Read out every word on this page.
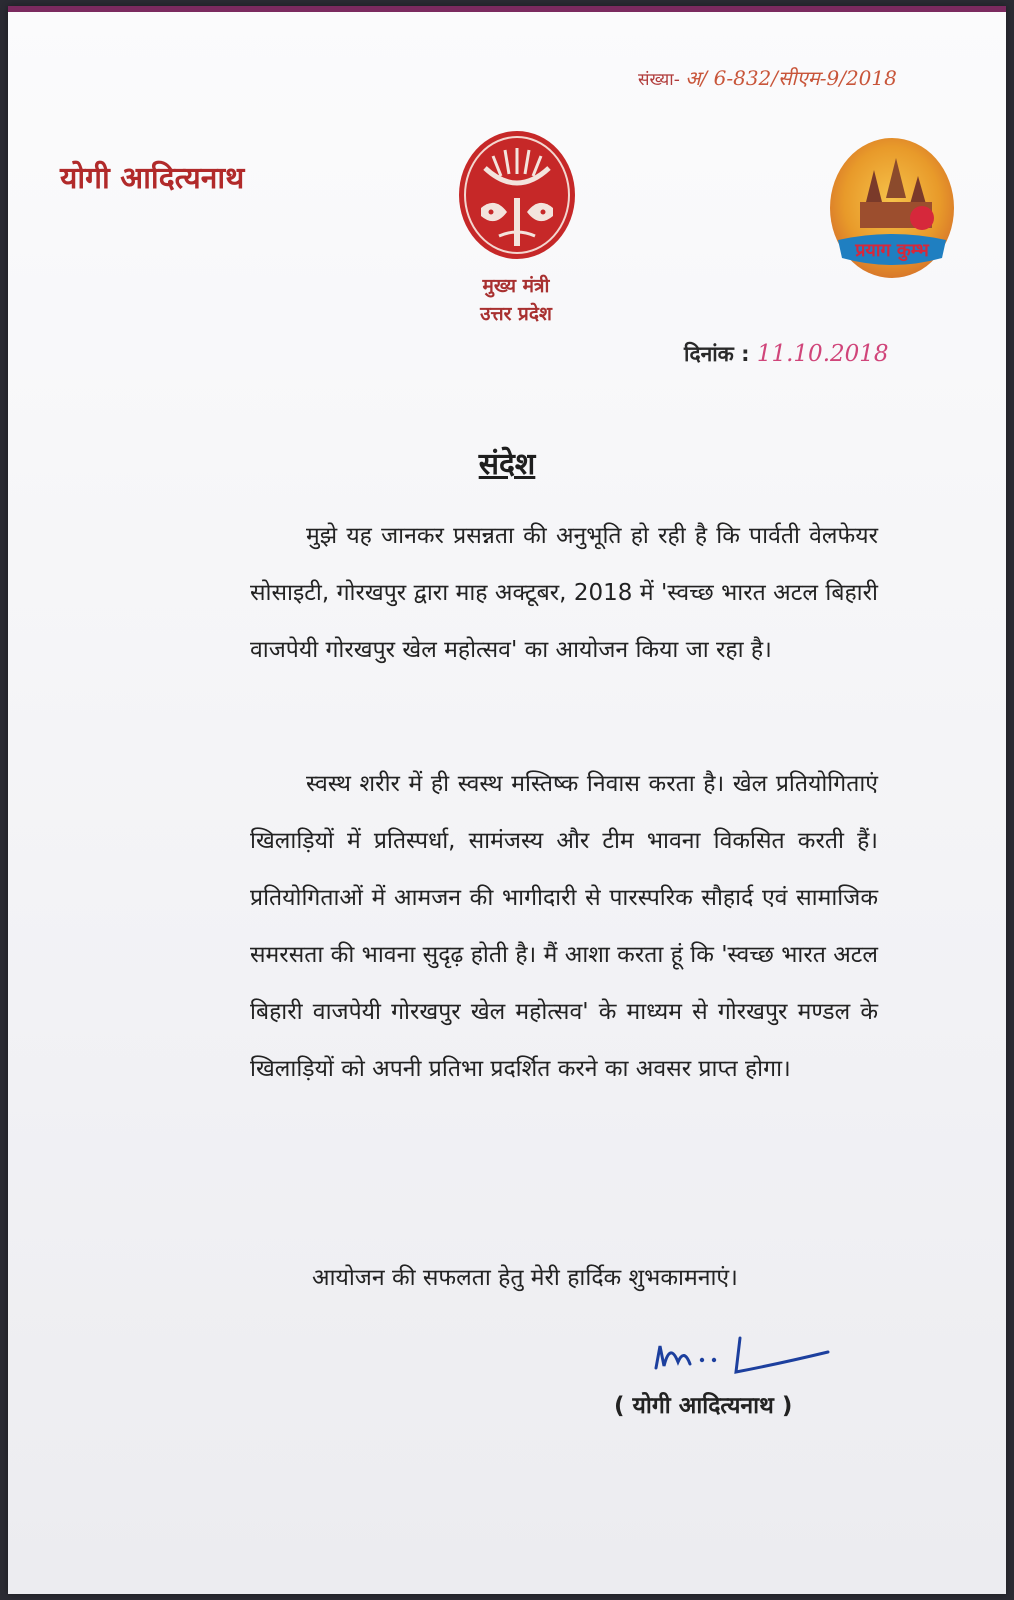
योगी आदित्यनाथ
संख्या- अ/ 6-832/सीएम-9/2018
मुख्य मंत्री
उत्तर प्रदेश
प्रयाग कुम्भ
दिनांक : 11.10.2018
संदेश
मुझे यह जानकर प्रसन्नता की अनुभूति हो रही है कि पार्वती वेलफेयर सोसाइटी, गोरखपुर द्वारा माह अक्टूबर, 2018 में 'स्वच्छ भारत अटल बिहारी वाजपेयी गोरखपुर खेल महोत्सव' का आयोजन किया जा रहा है।
स्वस्थ शरीर में ही स्वस्थ मस्तिष्क निवास करता है। खेल प्रतियोगिताएं खिलाड़ियों में प्रतिस्पर्धा, सामंजस्य और टीम भावना विकसित करती हैं। प्रतियोगिताओं में आमजन की भागीदारी से पारस्परिक सौहार्द एवं सामाजिक समरसता की भावना सुदृढ़ होती है। मैं आशा करता हूं कि 'स्वच्छ भारत अटल बिहारी वाजपेयी गोरखपुर खेल महोत्सव' के माध्यम से गोरखपुर मण्डल के खिलाड़ियों को अपनी प्रतिभा प्रदर्शित करने का अवसर प्राप्त होगा।
आयोजन की सफलता हेतु मेरी हार्दिक शुभकामनाएं।
( योगी आदित्यनाथ )
